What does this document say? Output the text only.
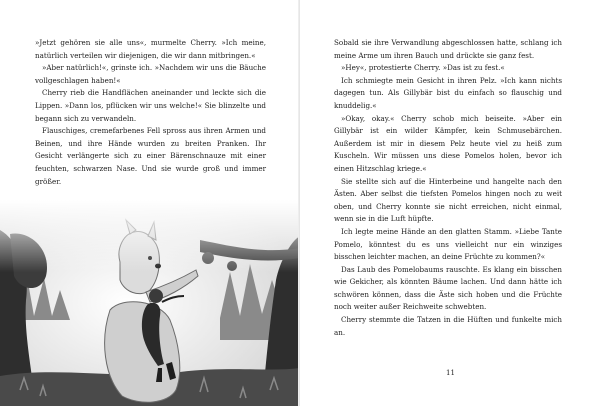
»Jetzt gehören sie alle uns«, murmelte Cherry. »Ich meine, natürlich verteilen wir diejenigen, die wir dann mitbringen.«

»Aber natürlich!«, grinste ich. »Nachdem wir uns die Bäuche vollgeschlagen haben!«

Cherry rieb die Handflächen aneinander und leckte sich die Lippen. »Dann los, pflücken wir uns welche!« Sie blinzelte und begann sich zu verwandeln.

Flauschiges, cremefarbenes Fell spross aus ihren Armen und Beinen, und ihre Hände wurden zu breiten Pranken. Ihr Gesicht verlängerte sich zu einer Bärenschnauze mit einer feuchten, schwarzen Nase. Und sie wurde groß und immer größer.

Sobald sie ihre Verwandlung abgeschlossen hatte, schlang ich meine Arme um ihren Bauch und drückte sie ganz fest.

»Hey«, protestierte Cherry. »Das ist zu fest.«

Ich schmiegte mein Gesicht in ihren Pelz. »Ich kann nichts dagegen tun. Als Gillybär bist du einfach so flauschig und knuddelig.«

»Okay, okay.« Cherry schob mich beiseite. »Aber ein Gillybär ist ein wilder Kämpfer, kein Schmusebärchen. Außerdem ist mir in diesem Pelz heute viel zu heiß zum Kuscheln. Wir müssen uns diese Pomelos holen, bevor ich einen Hitzschlag kriege.«

Sie stellte sich auf die Hinterbeine und hangelte nach den Ästen. Aber selbst die tiefsten Pomelos hingen noch zu weit oben, und Cherry konnte sie nicht erreichen, nicht einmal, wenn sie in die Luft hüpfte.

Ich legte meine Hände an den glatten Stamm. »Liebe Tante Pomelo, könntest du es uns vielleicht nur ein winziges bisschen leichter machen, an deine Früchte zu kommen?«

Das Laub des Pomelobaums rauschte. Es klang ein bisschen wie Gekicher, als könnten Bäume lachen. Und dann hätte ich schwören können, dass die Äste sich hoben und die Früchte noch weiter außer Reichweite schwebten.

Cherry stemmte die Tatzen in die Hüften und funkelte mich an.

11
